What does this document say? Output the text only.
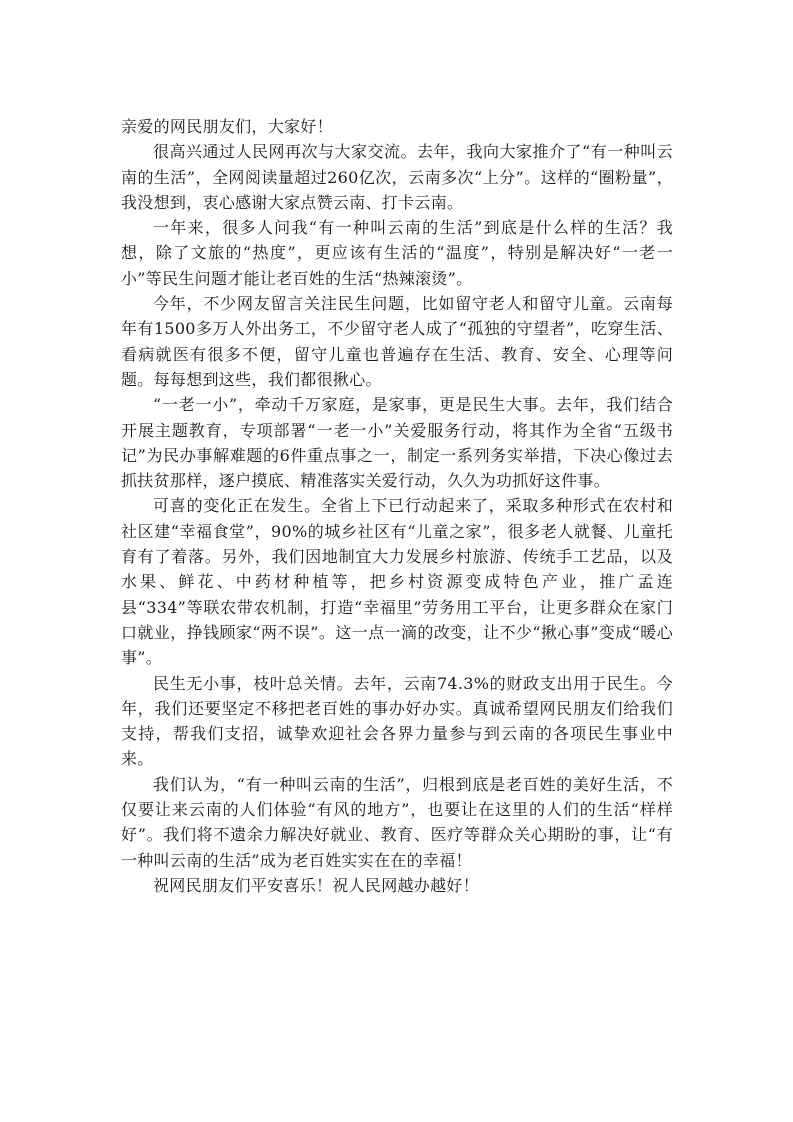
亲爱的网民朋友们，大家好！

很高兴通过人民网再次与大家交流。去年，我向大家推介了“有一种叫云南的生活”，全网阅读量超过260亿次，云南多次“上分”。这样的“圈粉量”，我没想到，衷心感谢大家点赞云南、打卡云南。

一年来，很多人问我“有一种叫云南的生活”到底是什么样的生活？我想，除了文旅的“热度”，更应该有生活的“温度”，特别是解决好“一老一小”等民生问题才能让老百姓的生活“热辣滚烫”。

今年，不少网友留言关注民生问题，比如留守老人和留守儿童。云南每年有1500多万人外出务工，不少留守老人成了“孤独的守望者”，吃穿生活、看病就医有很多不便，留守儿童也普遍存在生活、教育、安全、心理等问题。每每想到这些，我们都很揪心。

“一老一小”，牵动千万家庭，是家事，更是民生大事。去年，我们结合开展主题教育，专项部署“一老一小”关爱服务行动，将其作为全省“五级书记”为民办事解难题的6件重点事之一，制定一系列务实举措，下决心像过去抓扶贫那样，逐户摸底、精准落实关爱行动，久久为功抓好这件事。

可喜的变化正在发生。全省上下已行动起来了，采取多种形式在农村和社区建“幸福食堂”，90%的城乡社区有“儿童之家”，很多老人就餐、儿童托育有了着落。另外，我们因地制宜大力发展乡村旅游、传统手工艺品，以及水果、鲜花、中药材种植等，把乡村资源变成特色产业，推广孟连县“334”等联农带农机制，打造“幸福里”劳务用工平台，让更多群众在家门口就业，挣钱顾家“两不误”。这一点一滴的改变，让不少“揪心事”变成“暖心事”。

民生无小事，枝叶总关情。去年，云南74.3%的财政支出用于民生。今年，我们还要坚定不移把老百姓的事办好办实。真诚希望网民朋友们给我们支持，帮我们支招，诚挚欢迎社会各界力量参与到云南的各项民生事业中来。

我们认为，“有一种叫云南的生活”，归根到底是老百姓的美好生活，不仅要让来云南的人们体验“有风的地方”，也要让在这里的人们的生活“样样好”。我们将不遗余力解决好就业、教育、医疗等群众关心期盼的事，让“有一种叫云南的生活”成为老百姓实实在在的幸福！

祝网民朋友们平安喜乐！祝人民网越办越好！
